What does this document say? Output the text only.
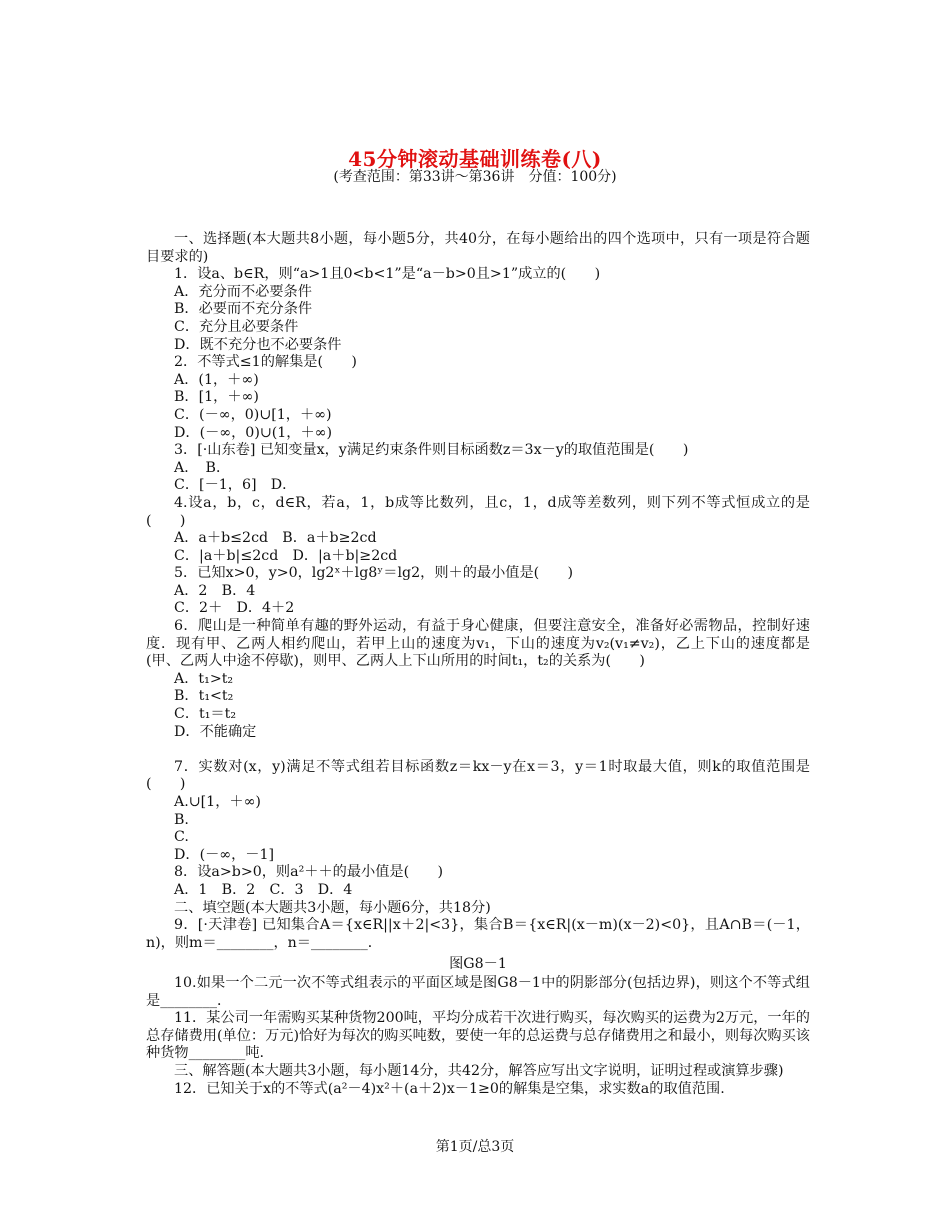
45分钟滚动基础训练卷(八)
(考查范围：第33讲～第36讲　分值：100分)
一、选择题(本大题共8小题，每小题5分，共40分，在每小题给出的四个选项中，只有一项是符合题目要求的)
1．设a、b∈R，则“a>1且0<b<1”是“a－b>0且>1”成立的(　　)
A．充分而不必要条件
B．必要而不充分条件
C．充分且必要条件
D．既不充分也不必要条件
2．不等式≤1的解集是(　　)
A．(1，＋∞)
B．[1，＋∞)
C．(－∞，0)∪[1，＋∞)
D．(－∞，0)∪(1，＋∞)
3．[·山东卷] 已知变量x，y满足约束条件则目标函数z＝3x－y的取值范围是(　　)
A．　B．
C．[－1，6]　D．
4.设a，b，c，d∈R，若a，1，b成等比数列，且c，1，d成等差数列，则下列不等式恒成立的是(　　)
A．a＋b≤2cd　B．a＋b≥2cd
C．|a＋b|≤2cd　D．|a＋b|≥2cd
5．已知x>0，y>0，lg2ˣ＋lg8ʸ＝lg2，则＋的最小值是(　　)
A．2　B．4
C．2＋　D．4＋2
6．爬山是一种简单有趣的野外运动，有益于身心健康，但要注意安全，准备好必需物品，控制好速度．现有甲、乙两人相约爬山，若甲上山的速度为v₁，下山的速度为v₂(v₁≠v₂)，乙上下山的速度都是(甲、乙两人中途不停歇)，则甲、乙两人上下山所用的时间t₁，t₂的关系为(　　)
A．t₁>t₂
B．t₁<t₂
C．t₁＝t₂
D．不能确定
7．实数对(x，y)满足不等式组若目标函数z＝kx－y在x＝3，y＝1时取最大值，则k的取值范围是(　　)
A.∪[1，＋∞)
B.
C.
D．(－∞，－1]
8．设a>b>0，则a²＋＋的最小值是(　　)
A．1　B．2　C．3　D．4
二、填空题(本大题共3小题，每小题6分，共18分)
9．[·天津卷] 已知集合A＝{x∈R||x＋2|<3}，集合B＝{x∈R|(x－m)(x－2)<0}，且A∩B＝(－1，n)，则m＝________，n＝________．
图G8－1
10.如果一个二元一次不等式组表示的平面区域是图G8－1中的阴影部分(包括边界)，则这个不等式组是________．
11．某公司一年需购买某种货物200吨，平均分成若干次进行购买，每次购买的运费为2万元，一年的总存储费用(单位：万元)恰好为每次的购买吨数，要使一年的总运费与总存储费用之和最小，则每次购买该种货物________吨.
三、解答题(本大题共3小题，每小题14分，共42分，解答应写出文字说明，证明过程或演算步骤)
12．已知关于x的不等式(a²－4)x²＋(a＋2)x－1≥0的解集是空集，求实数a的取值范围.
第1页/总3页
